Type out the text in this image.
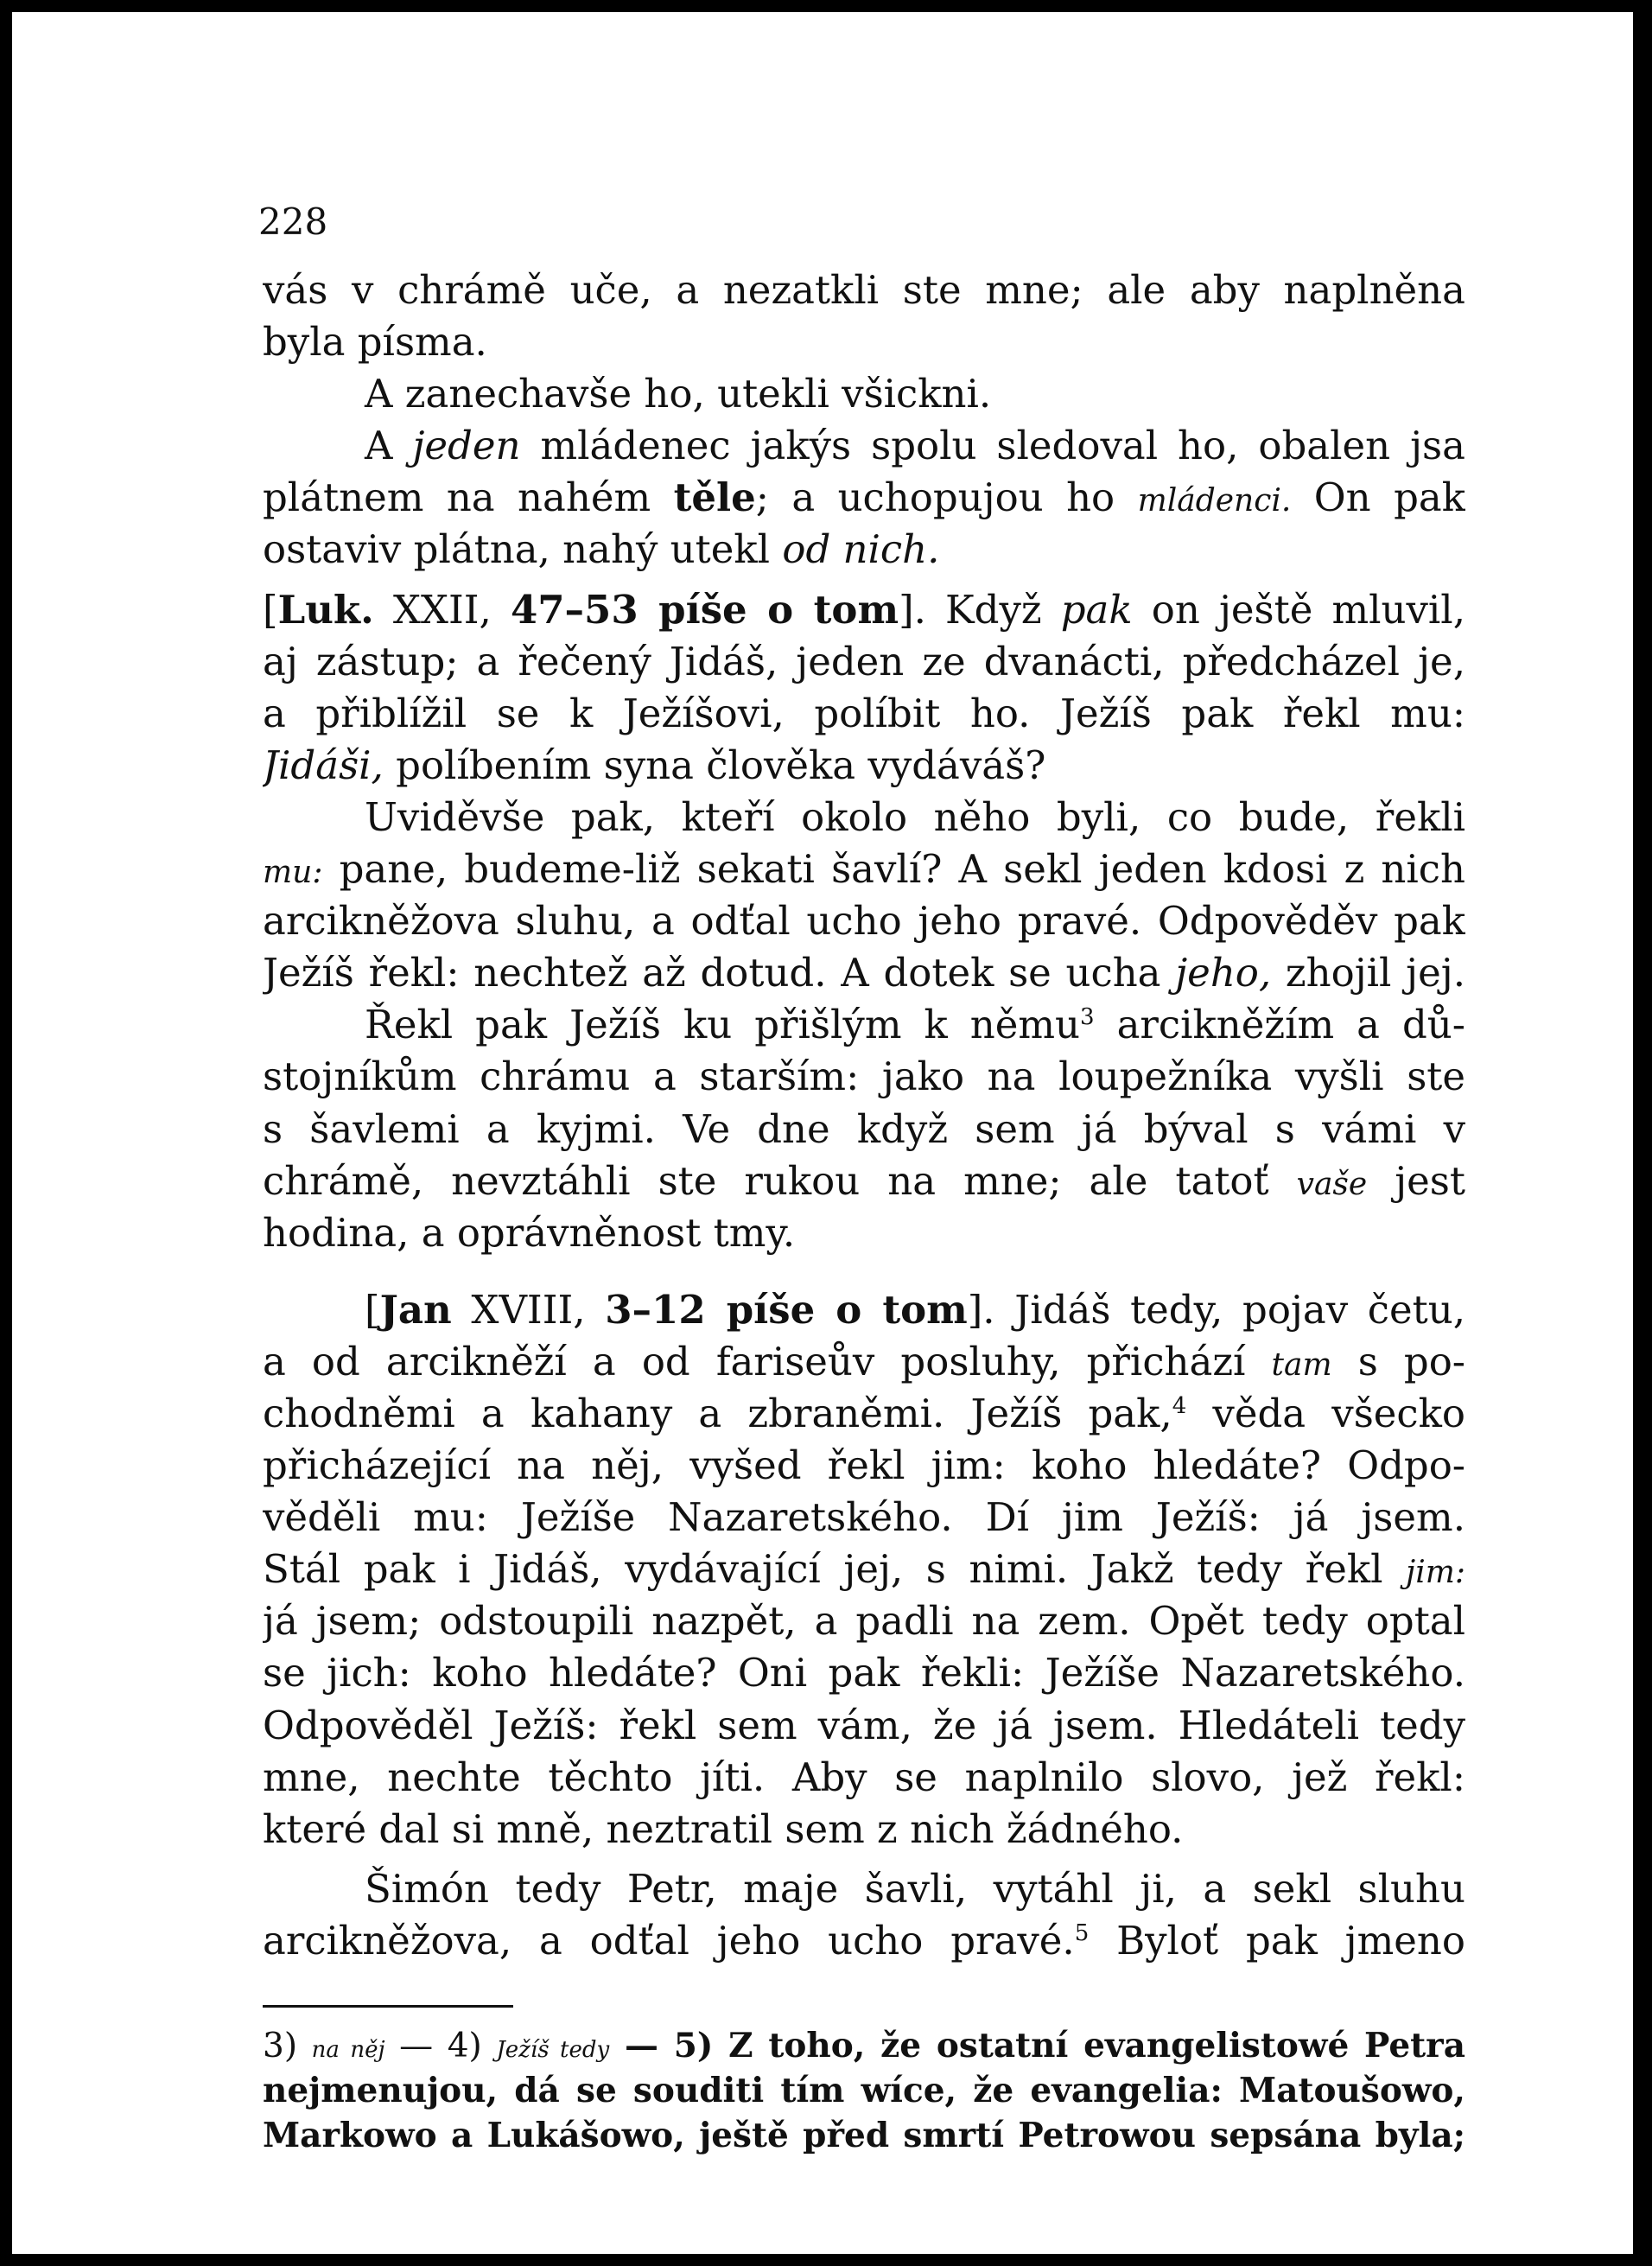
228
vás v chrámě uče, a nezatkli ste mne; ale aby naplněna
byla písma.
A zanechavše ho, utekli všickni.
A jeden mládenec jakýs spolu sledoval ho, obalen jsa
plátnem na nahém těle; a uchopujou ho mládenci. On pak
ostaviv plátna, nahý utekl od nich.
[Luk. XXII, 47–53 píše o tom]. Když pak on ještě mluvil,
aj zástup; a řečený Jidáš, jeden ze dvanácti, předcházel je,
a přiblížil se k Ježíšovi, políbit ho. Ježíš pak řekl mu:
Jidáši, políbením syna člověka vydáváš?
Uviděvše pak, kteří okolo něho byli, co bude, řekli
mu: pane, budeme-liž sekati šavlí? A sekl jeden kdosi z nich
arcikněžova sluhu, a odťal ucho jeho pravé. Odpověděv pak
Ježíš řekl: nechtež až dotud. A dotek se ucha jeho, zhojil jej.
Řekl pak Ježíš ku přišlým k němu$^3$ arcikněžím a dů-
stojníkům chrámu a starším: jako na loupežníka vyšli ste
s šavlemi a kyjmi. Ve dne když sem já býval s vámi v
chrámě, nevztáhli ste rukou na mne; ale tatoť vaše jest
hodina, a oprávněnost tmy.
[Jan XVIII, 3–12 píše o tom]. Jidáš tedy, pojav četu,
a od arcikněží a od fariseův posluhy, přichází tam s po-
chodněmi a kahany a zbraněmi. Ježíš pak,$^4$ věda všecko
přicházející na něj, vyšed řekl jim: koho hledáte? Odpo-
věděli mu: Ježíše Nazaretského. Dí jim Ježíš: já jsem.
Stál pak i Jidáš, vydávající jej, s nimi. Jakž tedy řekl jim:
já jsem; odstoupili nazpět, a padli na zem. Opět tedy optal
se jich: koho hledáte? Oni pak řekli: Ježíše Nazaretského.
Odpověděl Ježíš: řekl sem vám, že já jsem. Hledáteli tedy
mne, nechte těchto jíti. Aby se naplnilo slovo, jež řekl:
které dal si mně, neztratil sem z nich žádného.
Šimón tedy Petr, maje šavli, vytáhl ji, a sekl sluhu
arcikněžova, a odťal jeho ucho pravé.$^5$ Byloť pak jmeno
3) na něj — 4) Ježíš tedy — 5) Z toho, že ostatní evangelistowé Petra
nejmenujou, dá se souditi tím wíce, že evangelia: Matoušowo,
Markowo a Lukášowo, ještě před smrtí Petrowou sepsána byla;
